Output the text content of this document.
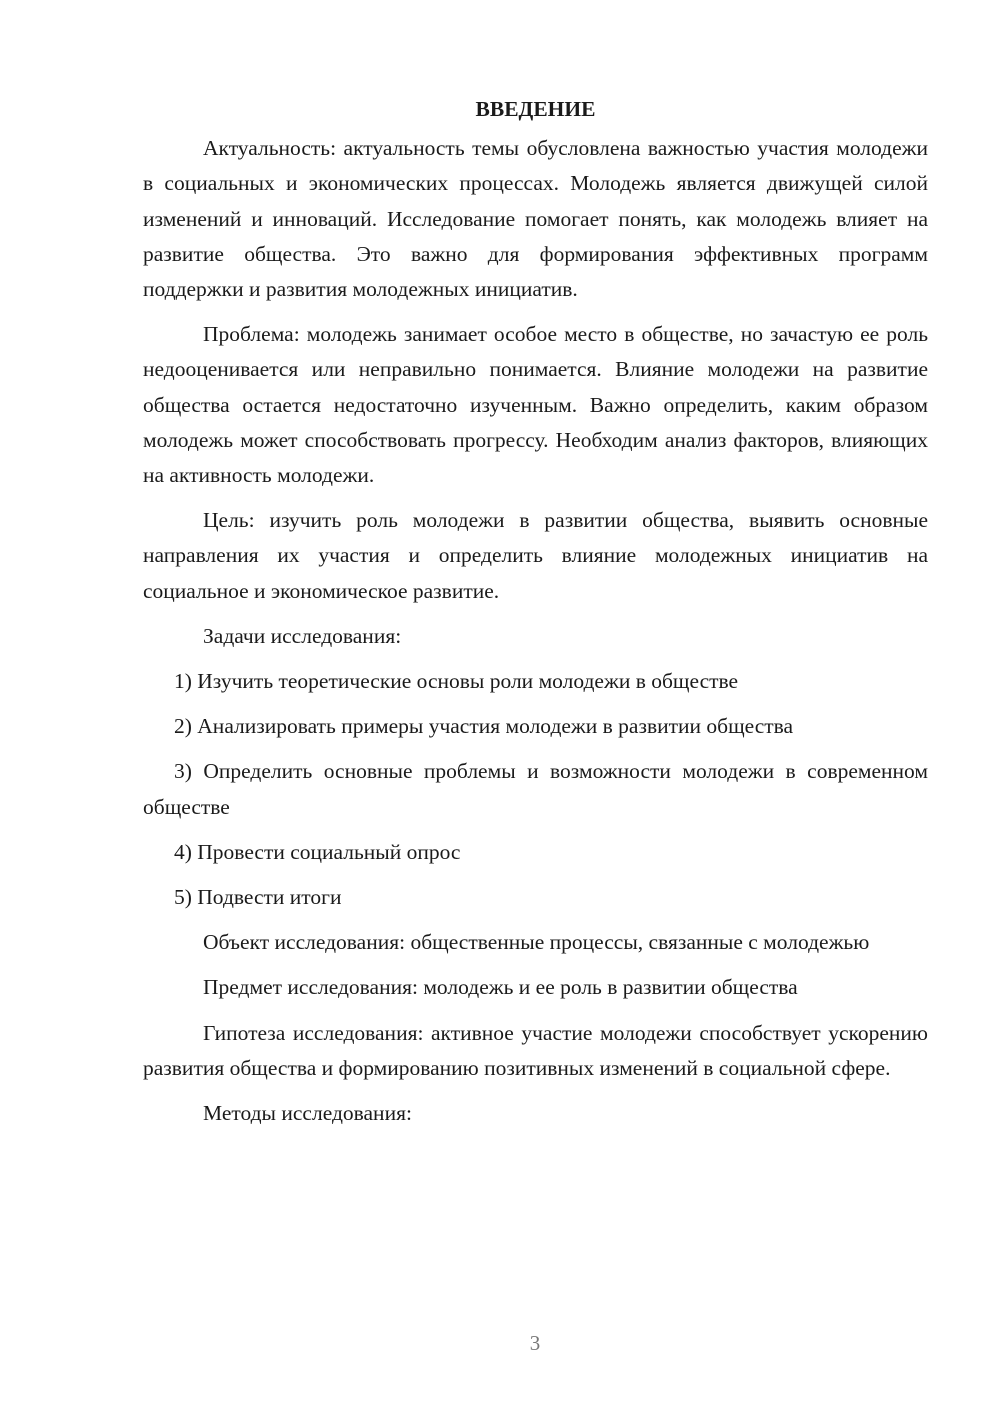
ВВЕДЕНИЕ

Актуальность: актуальность темы обусловлена важностью участия молодежи в социальных и экономических процессах. Молодежь является движущей силой изменений и инноваций. Исследование помогает понять, как молодежь влияет на развитие общества. Это важно для формирования эффективных программ поддержки и развития молодежных инициатив.

Проблема: молодежь занимает особое место в обществе, но зачастую ее роль недооценивается или неправильно понимается. Влияние молодежи на развитие общества остается недостаточно изученным. Важно определить, каким образом молодежь может способствовать прогрессу. Необходим анализ факторов, влияющих на активность молодежи.

Цель: изучить роль молодежи в развитии общества, выявить основные направления их участия и определить влияние молодежных инициатив на социальное и экономическое развитие.

Задачи исследования:

1) Изучить теоретические основы роли молодежи в обществе

2) Анализировать примеры участия молодежи в развитии общества

3) Определить основные проблемы и возможности молодежи в современном обществе

4) Провести социальный опрос

5) Подвести итоги

Объект исследования: общественные процессы, связанные с молодежью

Предмет исследования: молодежь и ее роль в развитии общества

Гипотеза исследования: активное участие молодежи способствует ускорению развития общества и формированию позитивных изменений в социальной сфере.

Методы исследования:

3
